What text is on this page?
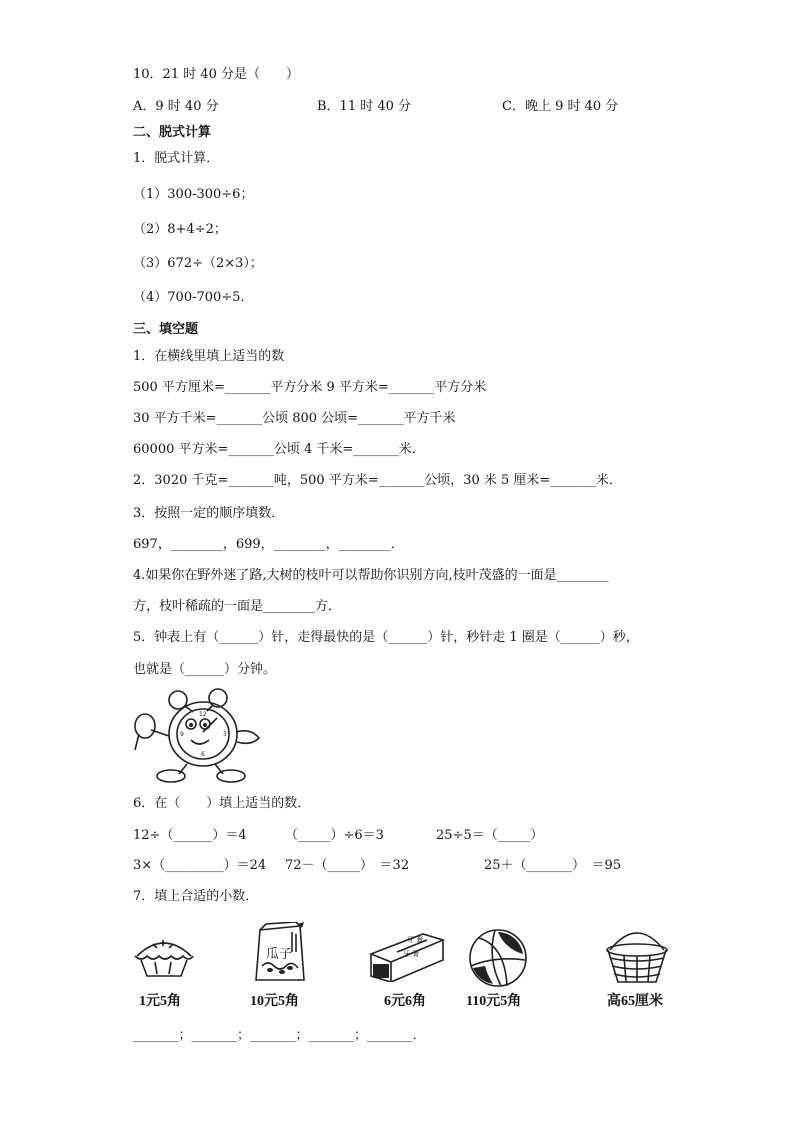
10．21 时 40 分是（　　）
A．9 时 40 分	B．11 时 40 分	C．晚上 9 时 40 分
二、脱式计算
1．脱式计算．
（1）300-300÷6；
（2）8+4÷2；
（3）672÷（2×3）；
（4）700-700÷5．
三、填空题
1．在横线里填上适当的数
500 平方厘米=_______平方分米 9 平方米=_______平方分米
30 平方千米=_______公顷 800 公顷=_______平方千米
60000 平方米=_______公顷 4 千米=_______米．
2．3020 千克=_______吨，500 平方米=_______公顷，30 米 5 厘米=_______米．
3．按照一定的顺序填数．
697，________，699，________，________．
4.如果你在野外迷了路,大树的枝叶可以帮助你识别方向,枝叶茂盛的一面是________
方，枝叶稀疏的一面是________方．
5．钟表上有（______）针，走得最快的是（______）针，秒针走 1 圈是（______）秒，
也就是（______）分钟。
12
3
6
9
6．在（　　）填上适当的数．
12÷（______）＝4	（_____）÷6＝3	25÷5＝（_____）
3×（_________）＝24 72－（_____）　＝32	25＋（_______）　＝95
7．填上合适的小数．
瓜子
牙 膏
牙 膏
1元5角	10元5角	6元6角	110元5角	高65厘米
_______；_______；_______；_______；_______．
